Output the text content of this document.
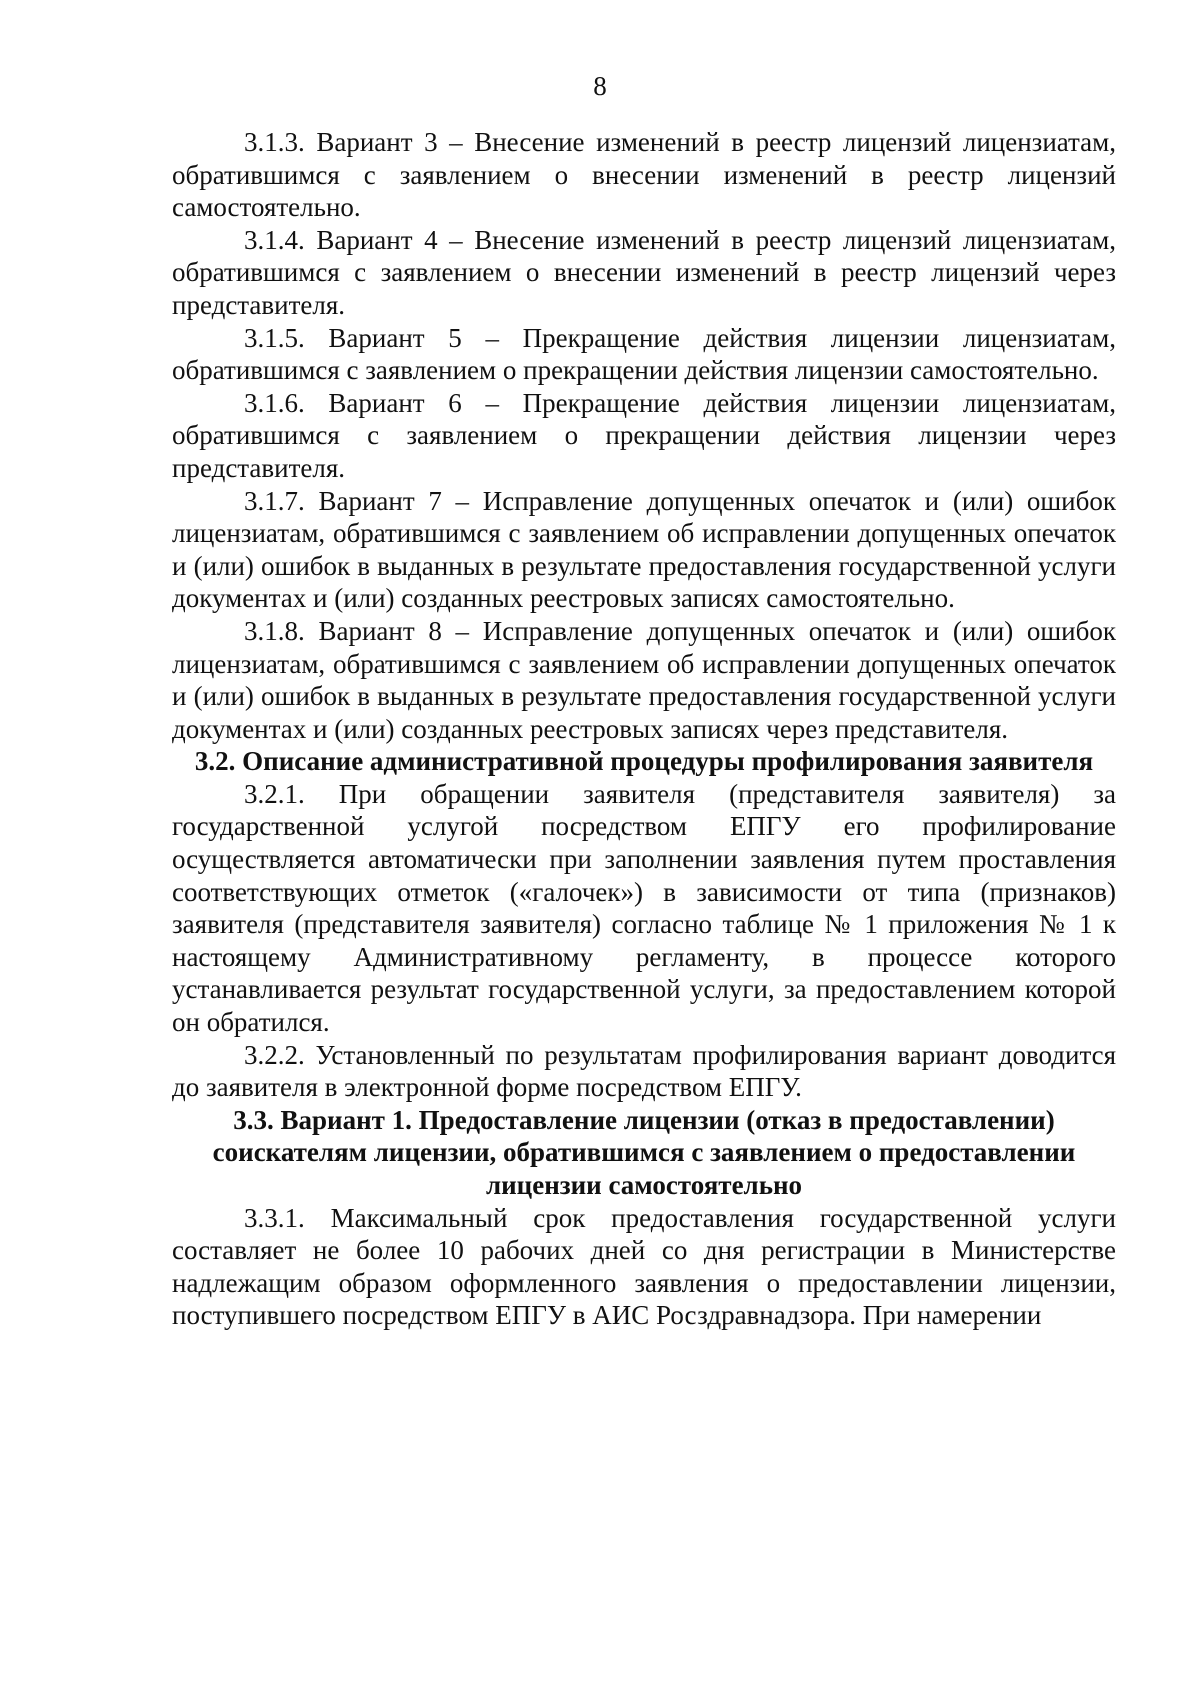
8

3.1.3. Вариант 3 – Внесение изменений в реестр лицензий лицензиатам, обратившимся с заявлением о внесении изменений в реестр лицензий самостоятельно.

3.1.4. Вариант 4 – Внесение изменений в реестр лицензий лицензиатам, обратившимся с заявлением о внесении изменений в реестр лицензий через представителя.

3.1.5. Вариант 5 – Прекращение действия лицензии лицензиатам, обратившимся с заявлением о прекращении действия лицензии самостоятельно.

3.1.6. Вариант 6 – Прекращение действия лицензии лицензиатам, обратившимся с заявлением о прекращении действия лицензии через представителя.

3.1.7. Вариант 7 – Исправление допущенных опечаток и (или) ошибок лицензиатам, обратившимся с заявлением об исправлении допущенных опечаток и (или) ошибок в выданных в результате предоставления государственной услуги документах и (или) созданных реестровых записях самостоятельно.

3.1.8. Вариант 8 – Исправление допущенных опечаток и (или) ошибок лицензиатам, обратившимся с заявлением об исправлении допущенных опечаток и (или) ошибок в выданных в результате предоставления государственной услуги документах и (или) созданных реестровых записях через представителя.

3.2. Описание административной процедуры профилирования заявителя

3.2.1. При обращении заявителя (представителя заявителя) за государственной услугой посредством ЕПГУ его профилирование осуществляется автоматически при заполнении заявления путем проставления соответствующих отметок («галочек») в зависимости от типа (признаков) заявителя (представителя заявителя) согласно таблице № 1 приложения № 1 к настоящему Административному регламенту, в процессе которого устанавливается результат государственной услуги, за предоставлением которой он обратился.

3.2.2. Установленный по результатам профилирования вариант доводится до заявителя в электронной форме посредством ЕПГУ.

3.3. Вариант 1. Предоставление лицензии (отказ в предоставлении)
соискателям лицензии, обратившимся с заявлением о предоставлении
лицензии самостоятельно

3.3.1. Максимальный срок предоставления государственной услуги составляет не более 10 рабочих дней со дня регистрации в Министерстве надлежащим образом оформленного заявления о предоставлении лицензии, поступившего посредством ЕПГУ в АИС Росздравнадзора. При намерении
